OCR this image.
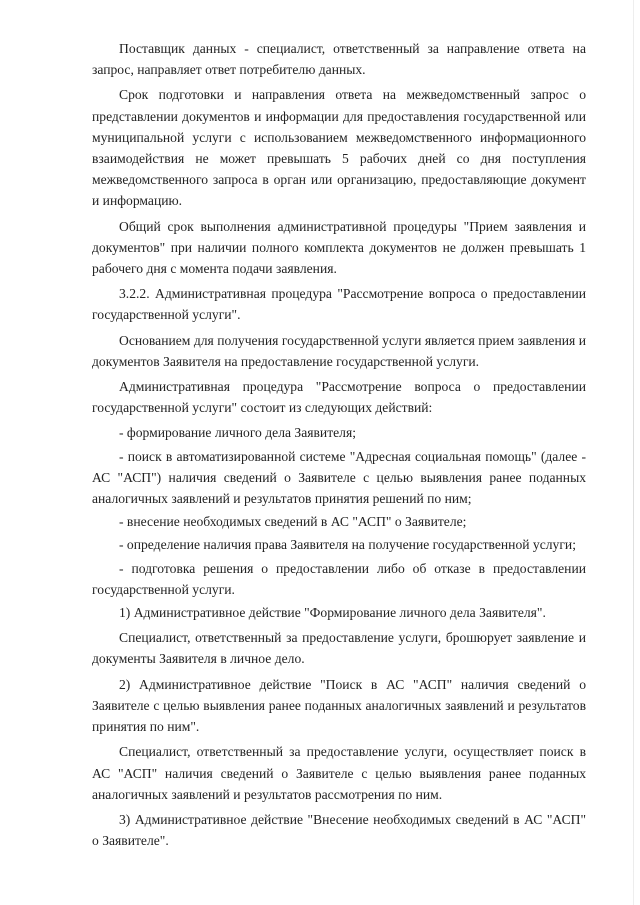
Поставщик данных - специалист, ответственный за направление ответа на запрос, направляет ответ потребителю данных.

Срок подготовки и направления ответа на межведомственный запрос о представлении документов и информации для предоставления государственной или муниципальной услуги с использованием межведомственного информационного взаимодействия не может превышать 5 рабочих дней со дня поступления межведомственного запроса в орган или организацию, предоставляющие документ и информацию.

Общий срок выполнения административной процедуры "Прием заявления и документов" при наличии полного комплекта документов не должен превышать 1 рабочего дня с момента подачи заявления.

3.2.2. Административная процедура "Рассмотрение вопроса о предоставлении государственной услуги".

Основанием для получения государственной услуги является прием заявления и документов Заявителя на предоставление государственной услуги.

Административная процедура "Рассмотрение вопроса о предоставлении государственной услуги" состоит из следующих действий:

- формирование личного дела Заявителя;

- поиск в автоматизированной системе "Адресная социальная помощь" (далее - АС "АСП") наличия сведений о Заявителе с целью выявления ранее поданных аналогичных заявлений и результатов принятия решений по ним;

- внесение необходимых сведений в АС "АСП" о Заявителе;

- определение наличия права Заявителя на получение государственной услуги;

- подготовка решения о предоставлении либо об отказе в предоставлении государственной услуги.

1) Административное действие "Формирование личного дела Заявителя".

Специалист, ответственный за предоставление услуги, брошюрует заявление и документы Заявителя в личное дело.

2) Административное действие "Поиск в АС "АСП" наличия сведений о Заявителе с целью выявления ранее поданных аналогичных заявлений и результатов принятия по ним".

Специалист, ответственный за предоставление услуги, осуществляет поиск в АС "АСП" наличия сведений о Заявителе с целью выявления ранее поданных аналогичных заявлений и результатов рассмотрения по ним.

3) Административное действие "Внесение необходимых сведений в АС "АСП" о Заявителе".
